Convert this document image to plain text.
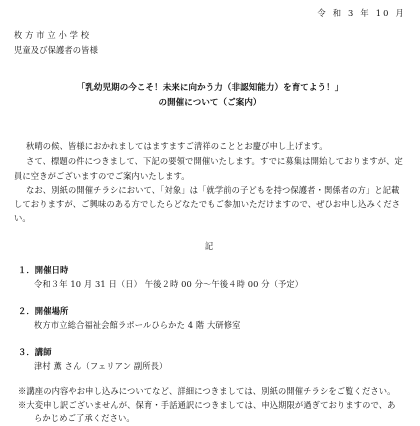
令 和 3 年 10 月
枚 方 市 立 小 学 校
児童及び保護者の皆様
「乳幼児期の今こそ！未来に向かう力（非認知能力）を育てよう！」
の開催について（ご案内）
秋晴の候、皆様におかれましてはますますご清祥のこととお慶び申し上げます。
さて、標題の件につきまして、下記の要領で開催いたします。すでに募集は開始しておりますが、定
員に空きがございますのでご案内いたします。
なお、別紙の開催チラシにおいて、「対象」は「就学前の子どもを持つ保護者・関係者の方」と記載
しておりますが、ご興味のある方でしたらどなたでもご参加いただけますので、ぜひお申し込みくださ
い。
記
１．開催日時
令和３年 10 月 31 日（日） 午後２時 00 分～午後４時 00 分（予定）
２．開催場所
枚方市立総合福祉会館ラポールひらかた 4 階 大研修室
３．講師
津村 薫 さん（フェリアン 副所長）
※講座の内容やお申し込みについてなど、詳細につきましては、別紙の開催チラシをご覧ください。
※大変申し訳ございませんが、保育・手話通訳につきましては、申込期限が過ぎておりますので、あ
らかじめご了承ください。
